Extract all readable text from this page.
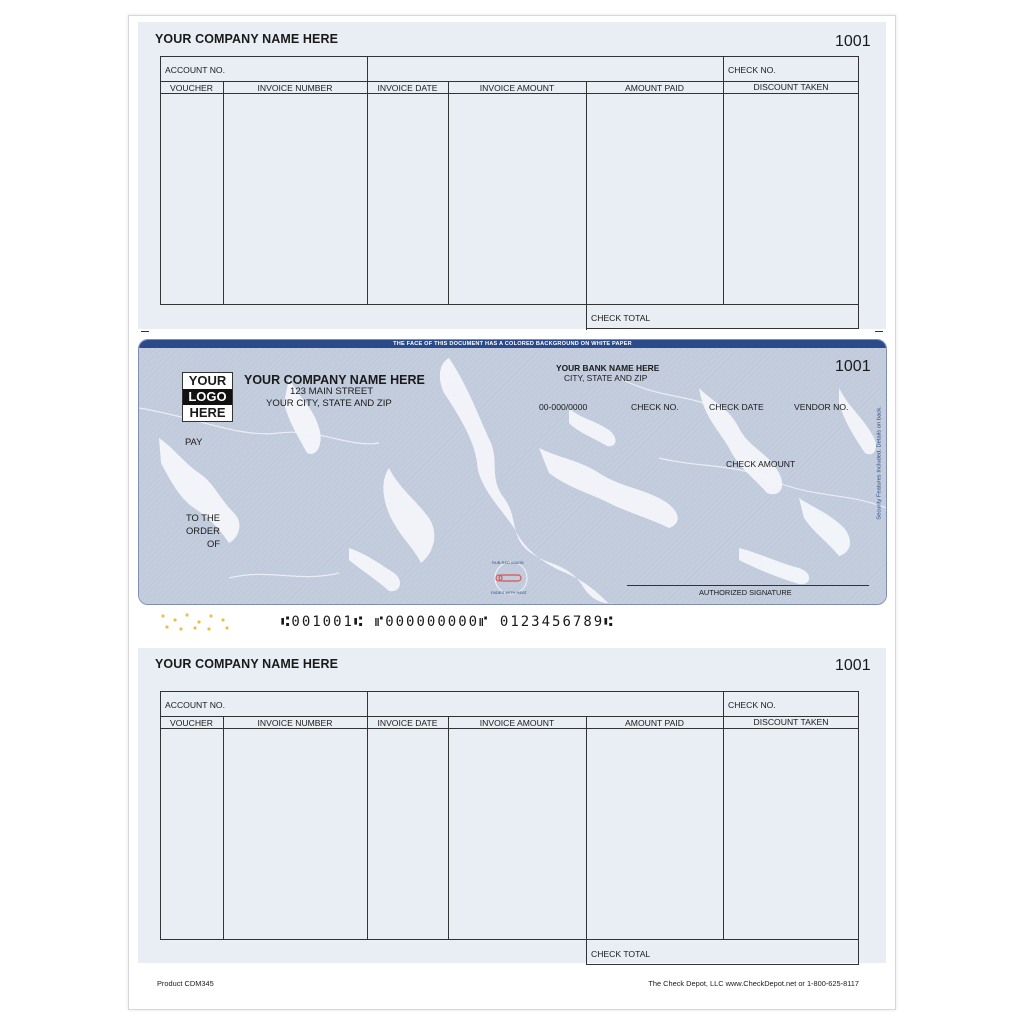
YOUR COMPANY NAME HERE	1001
ACCOUNT NO.	CHECK NO.
VOUCHER	INVOICE NUMBER	INVOICE DATE	INVOICE AMOUNT	AMOUNT PAID	DISCOUNT TAKEN
CHECK TOTAL
THE FACE OF THIS DOCUMENT HAS A COLORED BACKGROUND ON WHITE PAPER
YOUR
LOGO
HERE
YOUR COMPANY NAME HERE
123 MAIN STREET
YOUR CITY, STATE AND ZIP
YOUR BANK NAME HERE
CITY, STATE AND ZIP
1001
00-000/0000	CHECK NO.	CHECK DATE	VENDOR NO.
CHECK AMOUNT
PAY
TO THE
ORDER
OF
RUB RED IMAGE
FADES WITH HEAT	AUTHORIZED SIGNATURE
Security Features Included. Details on back.
⑆001001⑆ ⑈000000000⑈ 0123456789⑆
YOUR COMPANY NAME HERE	1001
ACCOUNT NO.	CHECK NO.
VOUCHER	INVOICE NUMBER	INVOICE DATE	INVOICE AMOUNT	AMOUNT PAID	DISCOUNT TAKEN
CHECK TOTAL
Product CDM345	The Check Depot, LLC www.CheckDepot.net or 1-800-625-8117
